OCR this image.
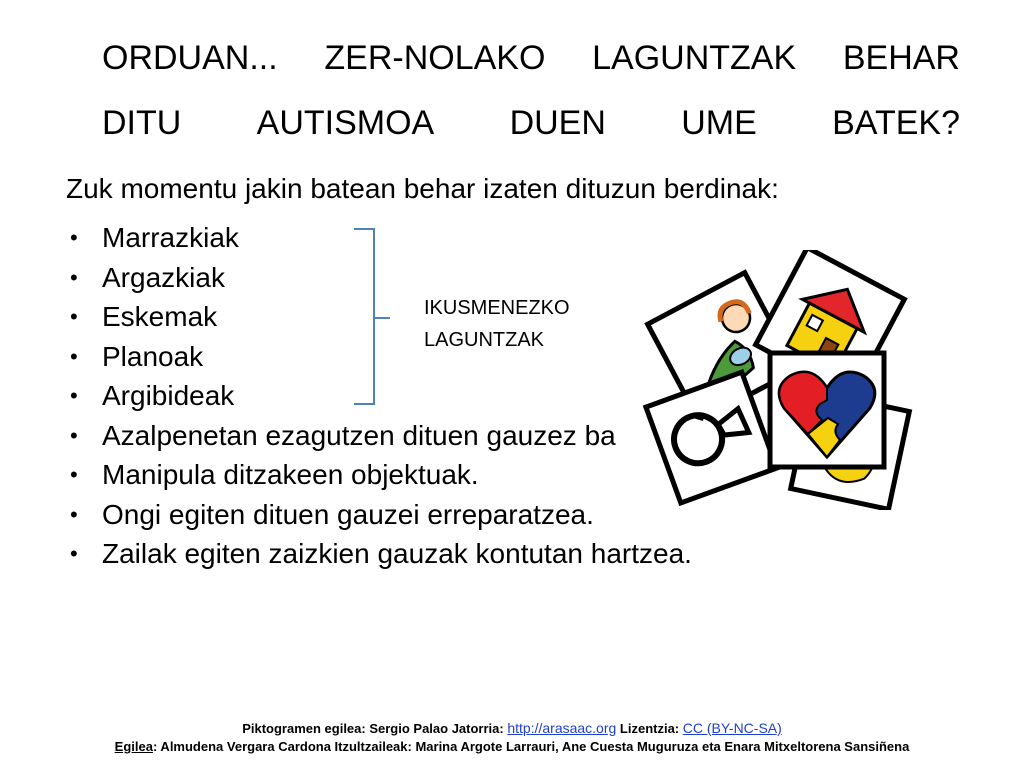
ORDUAN... ZER-NOLAKO LAGUNTZAK BEHAR
DITU AUTISMOA DUEN UME BATEK?
Zuk momentu jakin batean behar izaten dituzun berdinak:
• Marrazkiak
• Argazkiak
• Eskemak
• Planoak
• Argibideak
• Azalpenetan ezagutzen dituen gauzez ba
• Manipula ditzakeen objektuak.
• Ongi egiten dituen gauzei erreparatzea.
• Zailak egiten zaizkien gauzak kontutan hartzea.
IKUSMENEZKO
LAGUNTZAK
Piktogramen egilea: Sergio Palao Jatorria: http://arasaac.org Lizentzia: CC (BY-NC-SA)
Egilea: Almudena Vergara Cardona Itzultzaileak: Marina Argote Larrauri, Ane Cuesta Muguruza eta Enara Mitxeltorena Sansiñena
